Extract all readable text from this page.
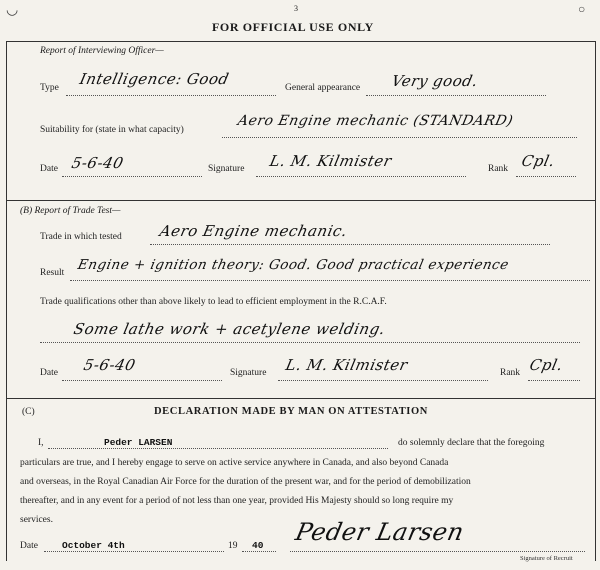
3
FOR OFFICIAL USE ONLY
Report of Interviewing Officer—
Type Intelligence: Good	General appearance Very good.
Suitability for (state in what capacity)
Aero Engine mechanic (STANDARD)
Date 5-6-40	Signature L. M. Kilmister	Rank Cpl.
(B) Report of Trade Test—
Trade in which tested Aero Engine mechanic.
Result Engine + ignition theory: Good. Good practical experience
Trade qualifications other than above likely to lead to efficient employment in the R.C.A.F.
Some lathe work + acetylene welding.
Date 5-6-40	Signature L. M. Kilmister	Rank Cpl.
(C)	DECLARATION MADE BY MAN ON ATTESTATION
I,	Peder LARSEN	do solemnly declare that the foregoing
particulars are true, and I hereby engage to serve on active service anywhere in Canada, and also beyond Canada
and overseas, in the Royal Canadian Air Force for the duration of the present war, and for the period of demobilization
thereafter, and in any event for a period of not less than one year, provided His Majesty should so long require my
services.
Date	October 4th	19 40 Peder Larsen
Signature of Recruit
◡	○
